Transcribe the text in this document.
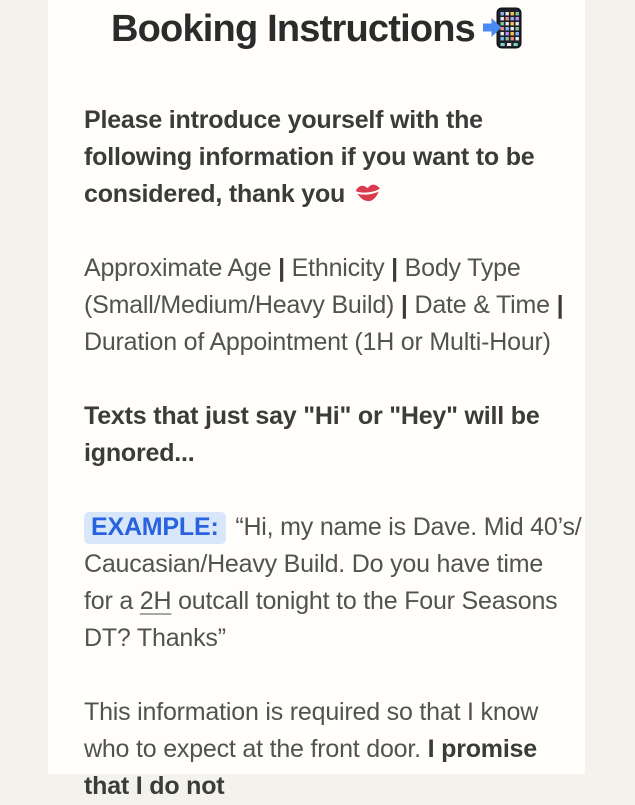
Booking Instructions
Please introduce yourself with the
following information if you want to be
considered, thank you
Approximate Age | Ethnicity | Body Type
(Small/Medium/Heavy Build) | Date & Time |
Duration of Appointment (1H or Multi-Hour)
Texts that just say "Hi" or "Hey" will be
ignored...
EXAMPLE: “Hi, my name is Dave. Mid 40’s/
Caucasian/Heavy Build. Do you have time
for a 2H outcall tonight to the Four Seasons
DT? Thanks”
This information is required so that I know
who to expect at the front door. I promise
that I do not
